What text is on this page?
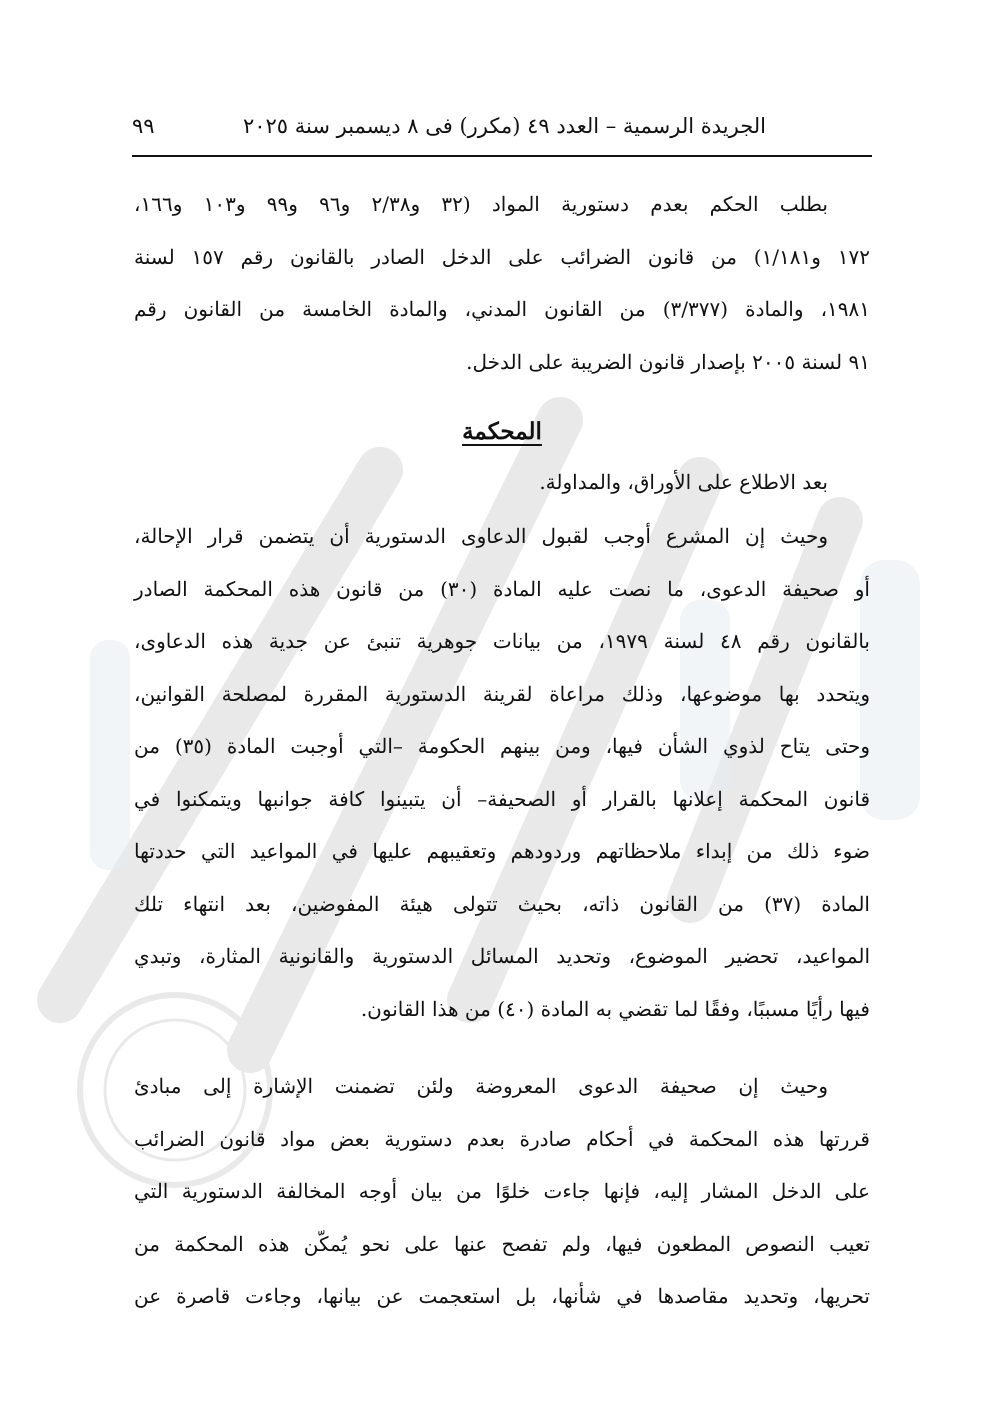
الجريدة الرسمية – العدد ٤٩ (مكرر) فى ٨ ديسمبر سنة ٢٠٢٥
٩٩
بطلب الحكم بعدم دستورية المواد (٣٢ و٢/٣٨ و٩٦ و٩٩ و١٠٣ و١٦٦،
١٧٢ و١/١٨١) من قانون الضرائب على الدخل الصادر بالقانون رقم ١٥٧ لسنة
١٩٨١، والمادة (٣/٣٧٧) من القانون المدني، والمادة الخامسة من القانون رقم
٩١ لسنة ٢٠٠٥ بإصدار قانون الضريبة على الدخل.
المحكمة
بعد الاطلاع على الأوراق، والمداولة.
وحيث إن المشرع أوجب لقبول الدعاوى الدستورية أن يتضمن قرار الإحالة،
أو صحيفة الدعوى، ما نصت عليه المادة (٣٠) من قانون هذه المحكمة الصادر
بالقانون رقم ٤٨ لسنة ١٩٧٩، من بيانات جوهرية تنبئ عن جدية هذه الدعاوى،
ويتحدد بها موضوعها، وذلك مراعاة لقرينة الدستورية المقررة لمصلحة القوانين،
وحتى يتاح لذوي الشأن فيها، ومن بينهم الحكومة –التي أوجبت المادة (٣٥) من
قانون المحكمة إعلانها بالقرار أو الصحيفة– أن يتبينوا كافة جوانبها ويتمكنوا في
ضوء ذلك من إبداء ملاحظاتهم وردودهم وتعقيبهم عليها في المواعيد التي حددتها
المادة (٣٧) من القانون ذاته، بحيث تتولى هيئة المفوضين، بعد انتهاء تلك
المواعيد، تحضير الموضوع، وتحديد المسائل الدستورية والقانونية المثارة، وتبدي
فيها رأيًا مسببًا، وفقًا لما تقضي به المادة (٤٠) من هذا القانون.
وحيث إن صحيفة الدعوى المعروضة ولئن تضمنت الإشارة إلى مبادئ
قررتها هذه المحكمة في أحكام صادرة بعدم دستورية بعض مواد قانون الضرائب
على الدخل المشار إليه، فإنها جاءت خلوًا من بيان أوجه المخالفة الدستورية التي
تعيب النصوص المطعون فيها، ولم تفصح عنها على نحو يُمكّن هذه المحكمة من
تحريها، وتحديد مقاصدها في شأنها، بل استعجمت عن بيانها، وجاءت قاصرة عن
